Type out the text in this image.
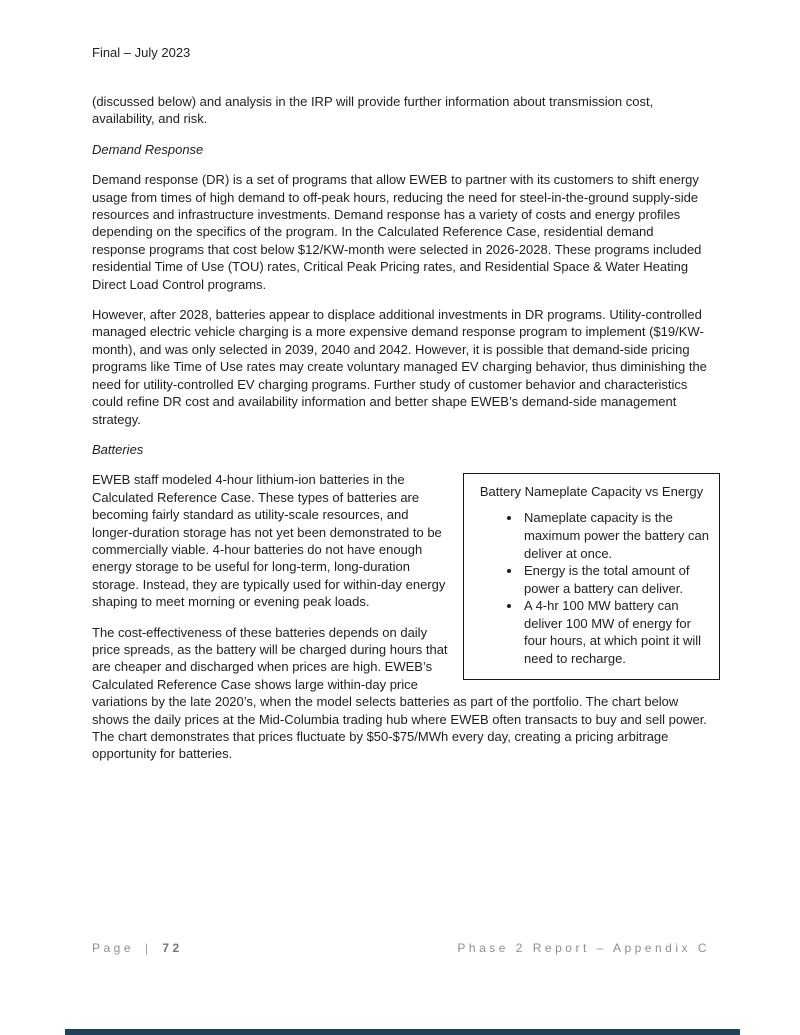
Final – July 2023

(discussed below) and analysis in the IRP will provide further information about transmission cost, availability, and risk.

Demand Response

Demand response (DR) is a set of programs that allow EWEB to partner with its customers to shift energy usage from times of high demand to off-peak hours, reducing the need for steel-in-the-ground supply-side resources and infrastructure investments. Demand response has a variety of costs and energy profiles depending on the specifics of the program. In the Calculated Reference Case, residential demand response programs that cost below $12/KW-month were selected in 2026-2028. These programs included residential Time of Use (TOU) rates, Critical Peak Pricing rates, and Residential Space & Water Heating Direct Load Control programs.

However, after 2028, batteries appear to displace additional investments in DR programs. Utility-controlled managed electric vehicle charging is a more expensive demand response program to implement ($19/KW-month), and was only selected in 2039, 2040 and 2042. However, it is possible that demand-side pricing programs like Time of Use rates may create voluntary managed EV charging behavior, thus diminishing the need for utility-controlled EV charging programs. Further study of customer behavior and characteristics could refine DR cost and availability information and better shape EWEB’s demand-side management strategy.

Batteries
Battery Nameplate Capacity vs Energy
• Nameplate capacity is the maximum power the battery can deliver at once.
• Energy is the total amount of power a battery can deliver.
• A 4-hr 100 MW battery can deliver 100 MW of energy for four hours, at which point it will need to recharge.

EWEB staff modeled 4-hour lithium-ion batteries in the Calculated Reference Case. These types of batteries are becoming fairly standard as utility-scale resources, and longer-duration storage has not yet been demonstrated to be commercially viable. 4-hour batteries do not have enough energy storage to be useful for long-term, long-duration storage. Instead, they are typically used for within-day energy shaping to meet morning or evening peak loads.

The cost-effectiveness of these batteries depends on daily price spreads, as the battery will be charged during hours that are cheaper and discharged when prices are high. EWEB’s Calculated Reference Case shows large within-day price variations by the late 2020’s, when the model selects batteries as part of the portfolio. The chart below shows the daily prices at the Mid-Columbia trading hub where EWEB often transacts to buy and sell power. The chart demonstrates that prices fluctuate by $50-$75/MWh every day, creating a pricing arbitrage opportunity for batteries.

Page | 72	Phase 2 Report – Appendix C
